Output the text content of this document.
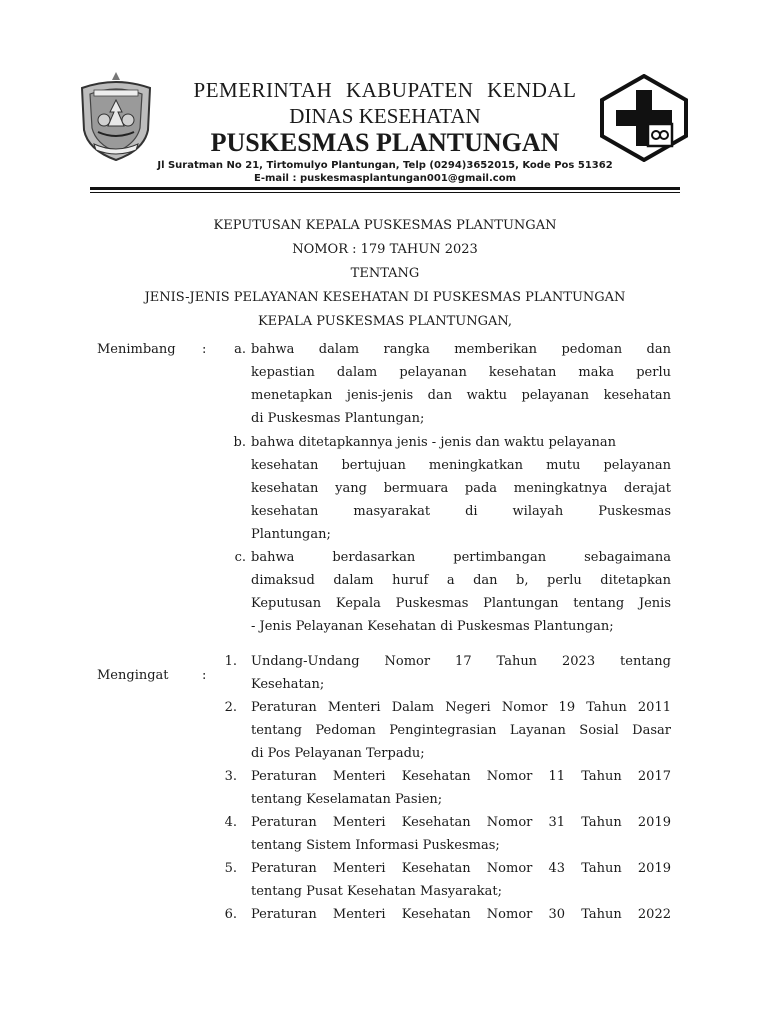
PEMERINTAH KABUPATEN KENDAL
DINAS KESEHATAN
PUSKESMAS PLANTUNGAN
Jl Suratman No 21, Tirtomulyo Plantungan, Telp (0294)3652015, Kode Pos 51362
E-mail : puskesmasplantungan001@gmail.com
KEPUTUSAN KEPALA PUSKESMAS PLANTUNGAN
NOMOR : 179 TAHUN 2023
TENTANG
JENIS-JENIS PELAYANAN KESEHATAN DI PUSKESMAS PLANTUNGAN
KEPALA PUSKESMAS PLANTUNGAN,
Menimbang :	a. bahwa dalam rangka memberikan pedoman dan
kepastian dalam pelayanan kesehatan maka perlu
menetapkan jenis-jenis dan waktu pelayanan kesehatan
di Puskesmas Plantungan;
b. bahwa ditetapkannya jenis - jenis dan waktu pelayanan
kesehatan bertujuan meningkatkan mutu pelayanan
kesehatan yang bermuara pada meningkatnya derajat
kesehatan masyarakat di wilayah Puskesmas
Plantungan;
c. bahwa berdasarkan pertimbangan sebagaimana
dimaksud dalam huruf a dan b, perlu ditetapkan
Keputusan Kepala Puskesmas Plantungan tentang Jenis
- Jenis Pelayanan Kesehatan di Puskesmas Plantungan;
Mengingat	:
1. Undang-Undang Nomor 17 Tahun 2023 tentang
Kesehatan;
2. Peraturan Menteri Dalam Negeri Nomor 19 Tahun 2011
tentang Pedoman Pengintegrasian Layanan Sosial Dasar
di Pos Pelayanan Terpadu;
3. Peraturan Menteri Kesehatan Nomor 11 Tahun 2017
tentang Keselamatan Pasien;
4. Peraturan Menteri Kesehatan Nomor 31 Tahun 2019
tentang Sistem Informasi Puskesmas;
5. Peraturan Menteri Kesehatan Nomor 43 Tahun 2019
tentang Pusat Kesehatan Masyarakat;
6. Peraturan Menteri Kesehatan Nomor 30 Tahun 2022
